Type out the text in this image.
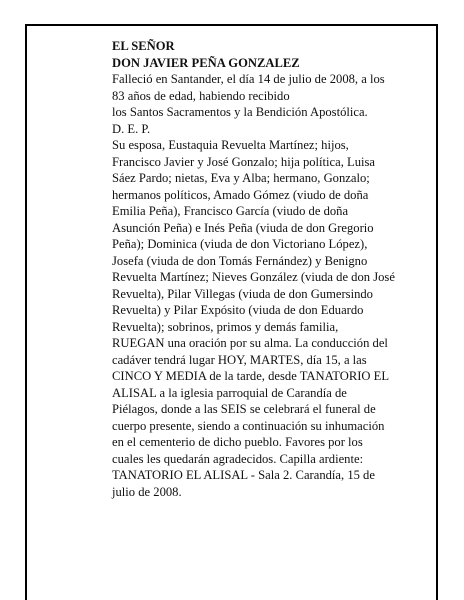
EL SEÑOR
DON JAVIER PEÑA GONZALEZ
Falleció en Santander, el día 14 de julio de 2008, a los
83 años de edad, habiendo recibido
los Santos Sacramentos y la Bendición Apostólica.
D. E. P.
Su esposa, Eustaquia Revuelta Martínez; hijos,
Francisco Javier y José Gonzalo; hija política, Luisa
Sáez Pardo; nietas, Eva y Alba; hermano, Gonzalo;
hermanos políticos, Amado Gómez (viudo de doña
Emilia Peña), Francisco García (viudo de doña
Asunción Peña) e Inés Peña (viuda de don Gregorio
Peña); Dominica (viuda de don Victoriano López),
Josefa (viuda de don Tomás Fernández) y Benigno
Revuelta Martínez; Nieves González (viuda de don José
Revuelta), Pilar Villegas (viuda de don Gumersindo
Revuelta) y Pilar Expósito (viuda de don Eduardo
Revuelta); sobrinos, primos y demás familia,
RUEGAN una oración por su alma. La conducción del
cadáver tendrá lugar HOY, MARTES, día 15, a las
CINCO Y MEDIA de la tarde, desde TANATORIO EL
ALISAL a la iglesia parroquial de Carandía de
Piélagos, donde a las SEIS se celebrará el funeral de
cuerpo presente, siendo a continuación su inhumación
en el cementerio de dicho pueblo. Favores por los
cuales les quedarán agradecidos. Capilla ardiente:
TANATORIO EL ALISAL - Sala 2. Carandía, 15 de
julio de 2008.
